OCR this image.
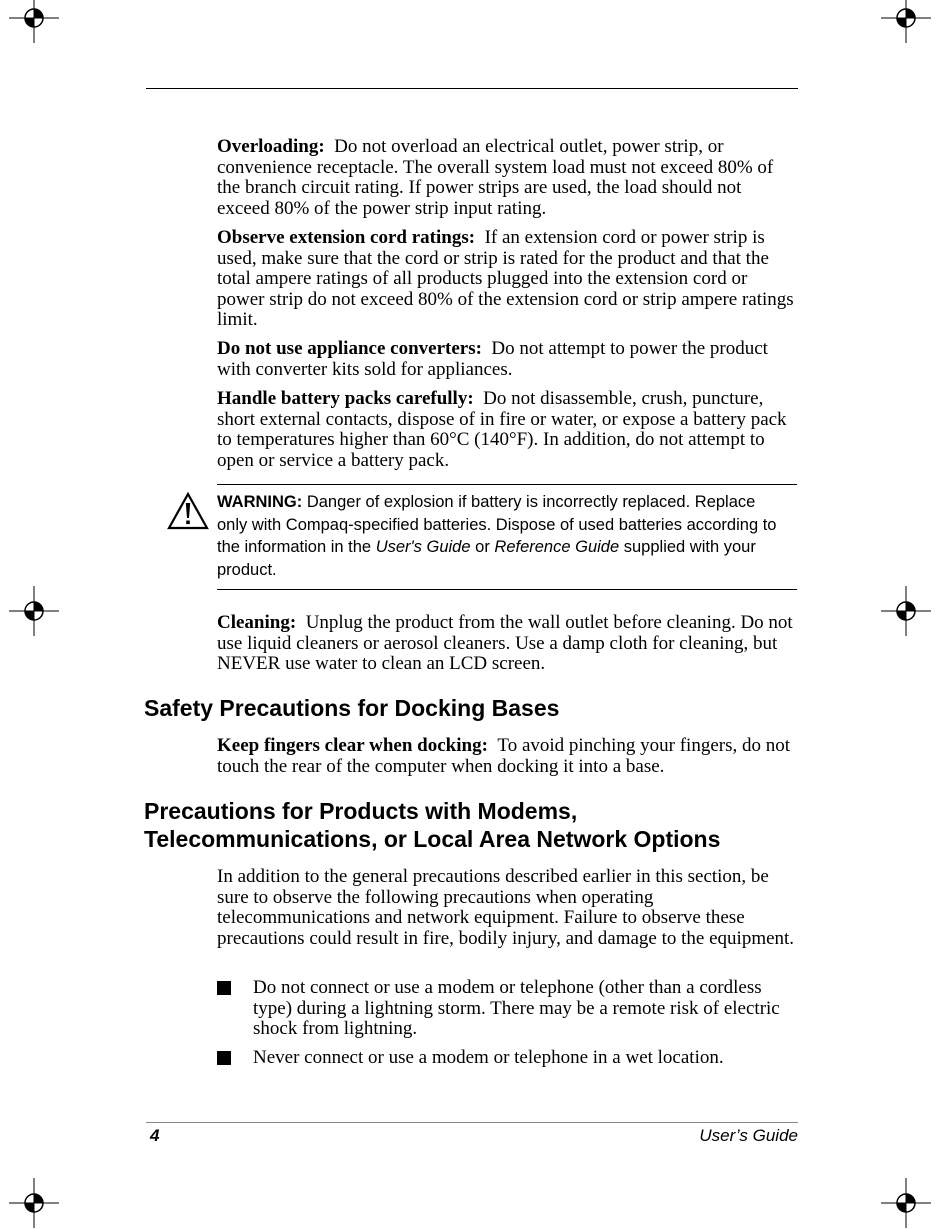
Overloading: Do not overload an electrical outlet, power strip, or convenience receptacle. The overall system load must not exceed 80% of the branch circuit rating. If power strips are used, the load should not exceed 80% of the power strip input rating.

Observe extension cord ratings: If an extension cord or power strip is used, make sure that the cord or strip is rated for the product and that the total ampere ratings of all products plugged into the extension cord or power strip do not exceed 80% of the extension cord or strip ampere ratings limit.

Do not use appliance converters: Do not attempt to power the product with converter kits sold for appliances.

Handle battery packs carefully: Do not disassemble, crush, puncture, short external contacts, dispose of in fire or water, or expose a battery pack to temperatures higher than 60°C (140°F). In addition, do not attempt to open or service a battery pack.

WARNING: Danger of explosion if battery is incorrectly replaced. Replace only with Compaq-specified batteries. Dispose of used batteries according to the information in the User's Guide or Reference Guide supplied with your product.

Cleaning: Unplug the product from the wall outlet before cleaning. Do not use liquid cleaners or aerosol cleaners. Use a damp cloth for cleaning, but NEVER use water to clean an LCD screen.

Safety Precautions for Docking Bases

Keep fingers clear when docking: To avoid pinching your fingers, do not touch the rear of the computer when docking it into a base.

Precautions for Products with Modems,
Telecommunications, or Local Area Network Options

In addition to the general precautions described earlier in this section, be sure to observe the following precautions when operating telecommunications and network equipment. Failure to observe these precautions could result in fire, bodily injury, and damage to the equipment.

Do not connect or use a modem or telephone (other than a cordless type) during a lightning storm. There may be a remote risk of electric shock from lightning.
Never connect or use a modem or telephone in a wet location.
4	User’s Guide
